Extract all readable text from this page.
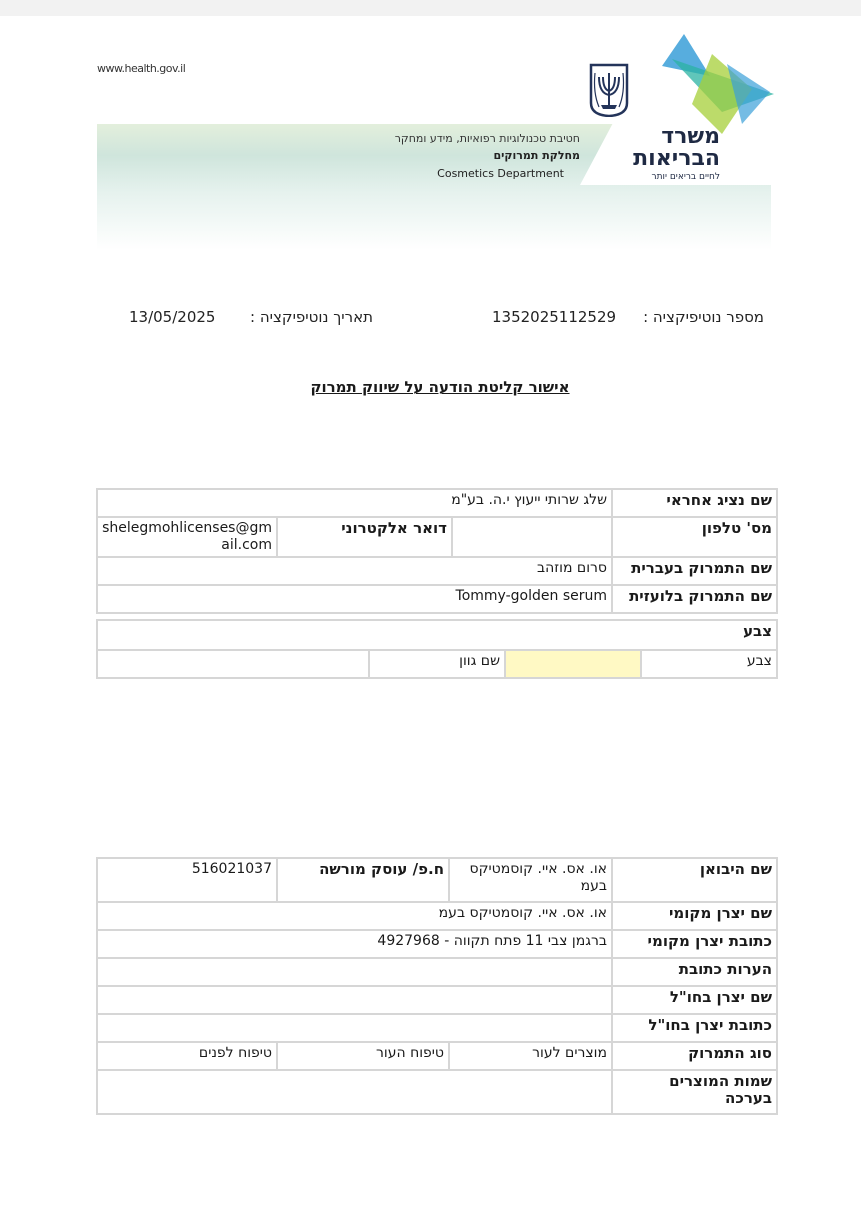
www.health.gov.il
משרד
הבריאות
לחיים בריאים יותר
חטיבת טכנולוגיות רפואיות, מידע ומחקר
מחלקת תמרוקים
Cosmetics Department
מספר נוטיפיקציה :
1352025112529
תאריך נוטיפיקציה :
13/05/2025
אישור קליטת הודעה על שיווק תמרוק
שם נציג אחראי	שלג שרותי ייעוץ י.ה. בע"מ		
מס' טלפון		דואר אלקטרוני	shelegmohlicenses@gmail.com
שם התמרוק בעברית	סרום מוזהב		
שם התמרוק בלועזית	Tommy-golden serum		
צבע
צבע		שם גוון	
שם היבואן	או. אס. איי. קוסמטיקס בעמ	ח.פ/ עוסק מורשה	516021037
שם יצרן מקומי	או. אס. איי. קוסמטיקס בעמ		
כתובת יצרן מקומי	ברגמן צבי 11 פתח תקווה - 4927968		
הערות כתובת			
שם יצרן בחו"ל			
כתובת יצרן בחו"ל			
סוג התמרוק	מוצרים לעור	טיפוח העור	טיפוח לפנים
שמות המוצרים בערכה			
